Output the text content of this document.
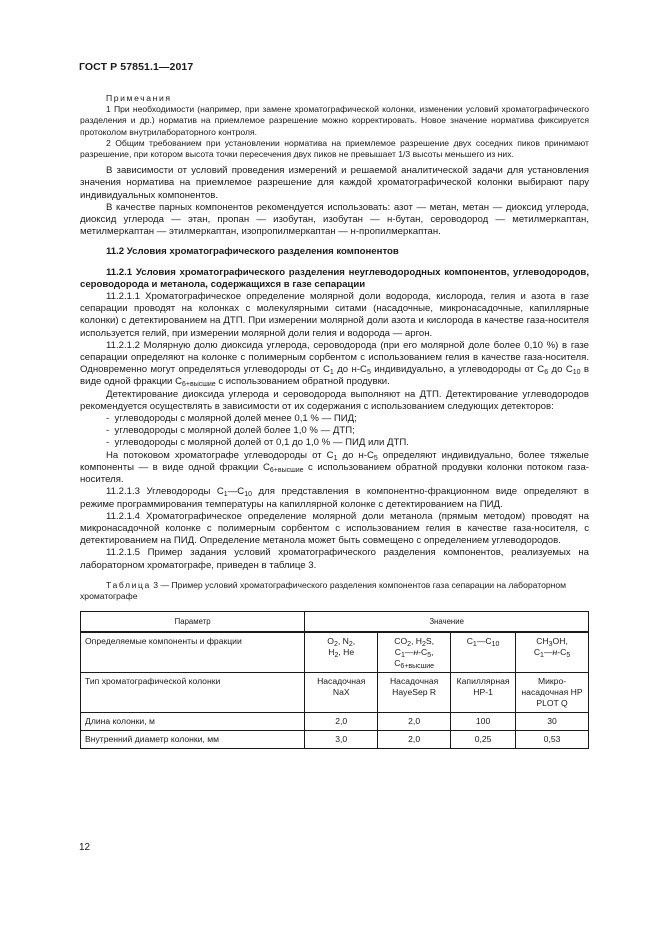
ГОСТ Р 57851.1—2017

Примечания

1 При необходимости (например, при замене хроматографической колонки, изменении условий хроматографического разделения и др.) норматив на приемлемое разрешение можно корректировать. Новое значение норматива фиксируется протоколом внутрилабораторного контроля.

2 Общим требованием при установлении норматива на приемлемое разрешение двух соседних пиков принимают разрешение, при котором высота точки пересечения двух пиков не превышает 1/3 высоты меньшего из них.

В зависимости от условий проведения измерений и решаемой аналитической задачи для установления значения норматива на приемлемое разрешение для каждой хроматографической колонки выбирают пару индивидуальных компонентов.

В качестве парных компонентов рекомендуется использовать: азот — метан, метан — диоксид углерода, диоксид углерода — этан, пропан — изобутан, изобутан — н-бутан, сероводород — метилмеркаптан, метилмеркаптан — этилмеркаптан, изопропилмеркаптан — н-пропилмеркаптан.

11.2 Условия хроматографического разделения компонентов

11.2.1 Условия хроматографического разделения неуглеводородных компонентов, углеводородов, сероводорода и метанола, содержащихся в газе сепарации

11.2.1.1 Хроматографическое определение молярной доли водорода, кислорода, гелия и азота в газе сепарации проводят на колонках с молекулярными ситами (насадочные, микронасадочные, капиллярные колонки) с детектированием на ДТП. При измерении молярной доли азота и кислорода в качестве газа-носителя используется гелий, при измерении молярной доли гелия и водорода — аргон.

11.2.1.2 Молярную долю диоксида углерода, сероводорода (при его молярной доле более 0,10 %) в газе сепарации определяют на колонке с полимерным сорбентом с использованием гелия в качестве газа-носителя. Одновременно могут определяться углеводороды от $C_1$ до $н-C_5$ индивидуально, а углеводороды от $C_6$ до $C_{10}$ в виде одной фракции $C_{6+высшие}$ с использованием обратной продувки.

Детектирование диоксида углерода и сероводорода выполняют на ДТП. Детектирование углеводородов рекомендуется осуществлять в зависимости от их содержания с использованием следующих детекторов:

-  углеводороды с молярной долей менее 0,1 % — ПИД;
-  углеводороды с молярной долей более 1,0 % — ДТП;
-  углеводороды с молярной долей от 0,1 до 1,0 % — ПИД или ДТП.

На потоковом хроматографе углеводороды от $C_1$ до $н-C_5$ определяют индивидуально, более тяжелые компоненты — в виде одной фракции $C_{6+высшие}$ с использованием обратной продувки колонки потоком газа-носителя.

11.2.1.3 Углеводороды $C_1—C_{10}$ для представления в компонентно-фракционном виде определяют в режиме программирования температуры на капиллярной колонке с детектированием на ПИД.

11.2.1.4 Хроматографическое определение молярной доли метанола (прямым методом) проводят на микронасадочной колонке с полимерным сорбентом с использованием гелия в качестве газа-носителя, с детектированием на ПИД. Определение метанола может быть совмещено с определением углеводородов.

11.2.1.5 Пример задания условий хроматографического разделения компонентов, реализуемых на лабораторном хроматографе, приведен в таблице 3.

Таблица 3 — Пример условий хроматографического разделения компонентов газа сепарации на лабораторном хроматографе

Параметр	Значение			
Определяемые компоненты и фракции	$O_2$, $N_2$,
$H_2$, He	$CO_2$, $H_2S$,
$C_1—н-C_5$,
$C_{6+высшие}$	$C_1—C_{10}$	$CH_3OH$,
$C_1—н-C_5$
Тип хроматографической колонки	Насадочная NaX	Насадочная HayeSep R	Капиллярная HP-1	Микронасадочная HP PLOT Q
Длина колонки, м	2,0	2,0	100	30
Внутренний диаметр колонки, мм	3,0	2,0	0,25	0,53
12
